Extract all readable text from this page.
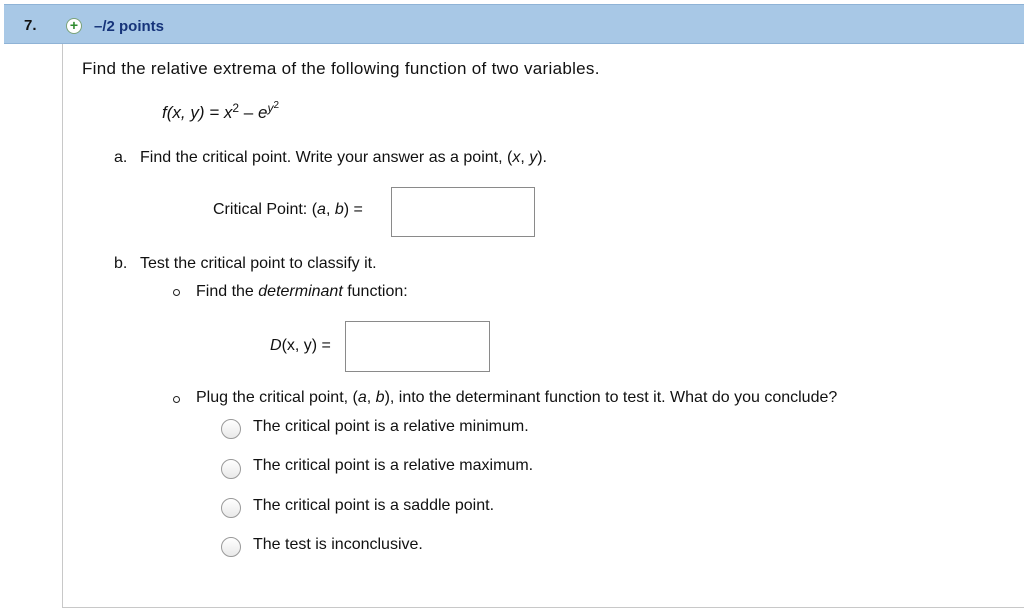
7. + –/2 points
Find the relative extrema of the following function of two variables.
f(x, $y) = x^2 - e^{y^2}$
a. Find the critical point. Write your answer as a point, (x, y).
Critical Point: (a, b) =
b. Test the critical point to classify it.
Find the determinant function:
D(x, y) =
Plug the critical point, (a, b), into the determinant function to test it. What do you conclude?
The critical point is a relative minimum.
The critical point is a relative maximum.
The critical point is a saddle point.
The test is inconclusive.
